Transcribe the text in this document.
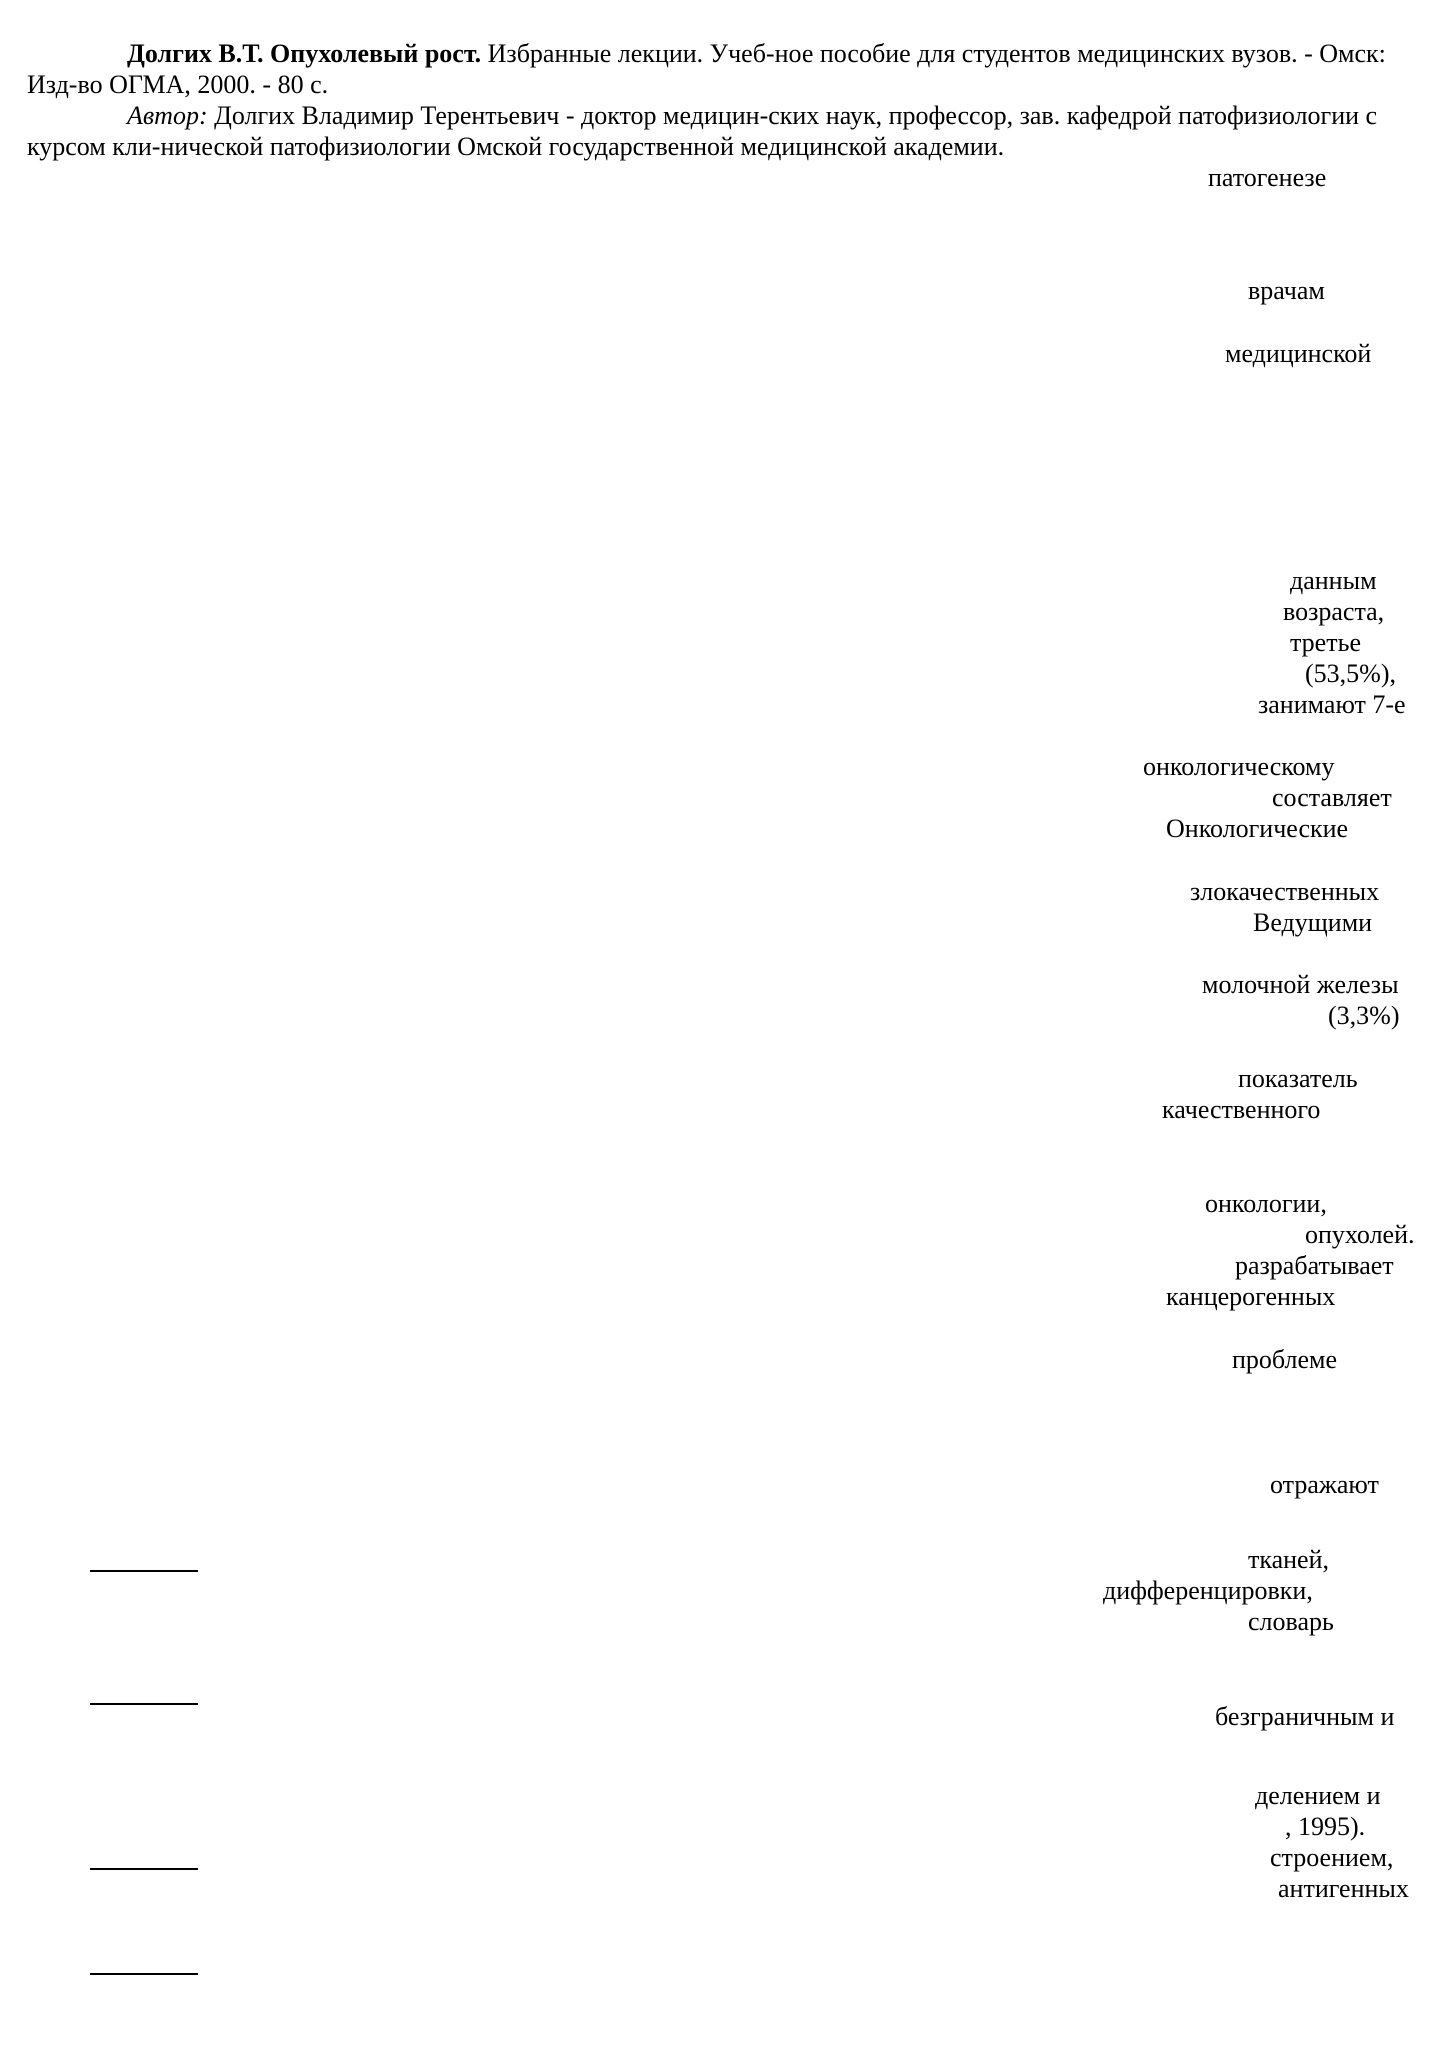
Долгих В.Т. Опухолевый рост. Избранные лекции. Учеб-ное пособие для студентов медицинских вузов. - Омск: Изд-во ОГМА, 2000. - 80 с.

Автор: Долгих Владимир Терентьевич - доктор медицин-ских наук, профессор, зав. кафедрой патофизиологии с курсом кли-нической патофизиологии Омской государственной медицинской академии.

патогенезе
врачам
медицинской
данным
возраста,
третье
(53,5%),
занимают 7-е
онкологическому
составляет
Онкологические
злокачественных
Ведущими
молочной железы
(3,3%)
показатель
качественного
онкологии,
опухолей.
разрабатывает
канцерогенных
проблеме
отражают
тканей,
дифференцировки,
словарь
безграничным и
делением и
, 1995).
строением,
антигенных
